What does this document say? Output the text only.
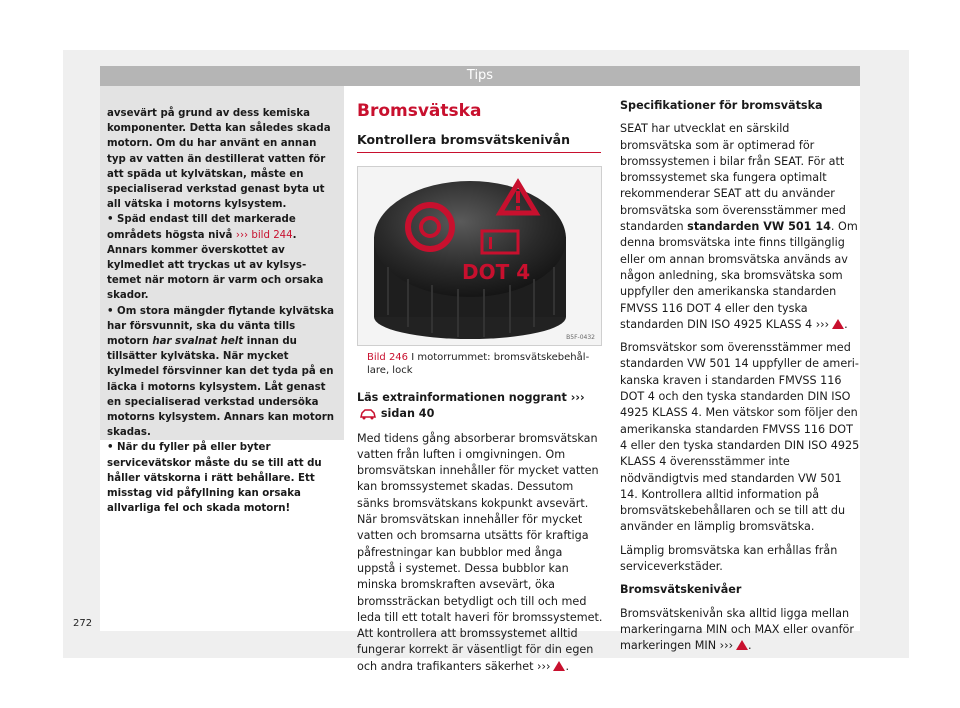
Tips

avsevärt på grund av dess kemiska komponenter. Detta kan således skada motorn. Om du har använt en annan typ av vatten än destillerat vatten för att späda ut kylvätskan, måste en specialiserad verkstad genast byta ut all vätska i motorns kylsystem.

• Späd endast till det markerade områdets högsta nivå ››› bild 244. Annars kommer överskottet av kylmedlet att tryckas ut av kylsystemet när motorn är varm och orsaka skador.

• Om stora mängder flytande kylvätska har försvunnit, ska du vänta tills motorn har svalnat helt innan du tillsätter kylvätska. När mycket kylmedel försvinner kan det tyda på en läcka i motorns kylsystem. Låt genast en specialiserad verkstad undersöka motorns kylsystem. Annars kan motorn skadas.

• När du fyller på eller byter servicevätskor måste du se till att du håller vätskorna i rätt behållare. Ett misstag vid påfyllning kan orsaka allvarliga fel och skada motorn!

Bromsvätska
Kontrollera bromsvätskenivån
DOT 4
B5F-0432
Bild 246 I motorrummet: bromsvätskebehållare, lock

Läs extrainformationen noggrant ››› sidan 40

Med tidens gång absorberar bromsvätskan vatten från luften i omgivningen. Om bromsvätskan innehåller för mycket vatten kan bromssystemet skadas. Dessutom sänks bromsvätskans kokpunkt avsevärt. När bromsvätskan innehåller för mycket vatten och bromsarna utsätts för kraftiga påfrestningar kan bubblor med ånga uppstå i systemet. Dessa bubblor kan minska bromskraften avsevärt, öka bromssträckan betydligt och till och med leda till ett totalt haveri för bromssystemet. Att kontrollera att bromssystemet alltid fungerar korrekt är väsentligt för din egen och andra trafikanters säkerhet ››› .

Specifikationer för bromsvätska

SEAT har utvecklat en särskild bromsvätska som är optimerad för bromssystemen i bilar från SEAT. För att bromssystemet ska fungera optimalt rekommenderar SEAT att du använder bromsvätska som överensstämmer med standarden standarden VW 501 14. Om denna bromsvätska inte finns tillgänglig eller om annan bromsvätska används av någon anledning, ska bromsvätska som uppfyller den amerikanska standarden FMVSS 116 DOT 4 eller den tyska standarden DIN ISO 4925 KLASS 4 ››› .

Bromsvätskor som överensstämmer med standarden VW 501 14 uppfyller de amerikanska kraven i standarden FMVSS 116 DOT 4 och den tyska standarden DIN ISO 4925 KLASS 4. Men vätskor som följer den amerikanska standarden FMVSS 116 DOT 4 eller den tyska standarden DIN ISO 4925 KLASS 4 överensstämmer inte nödvändigtvis med standarden VW 501 14. Kontrollera alltid information på bromsvätskebehållaren och se till att du använder en lämplig bromsvätska.

Lämplig bromsvätska kan erhållas från serviceverkstäder.

Bromsvätskenivåer

Bromsvätskenivån ska alltid ligga mellan markeringarna MIN och MAX eller ovanför markeringen MIN ››› .

272
